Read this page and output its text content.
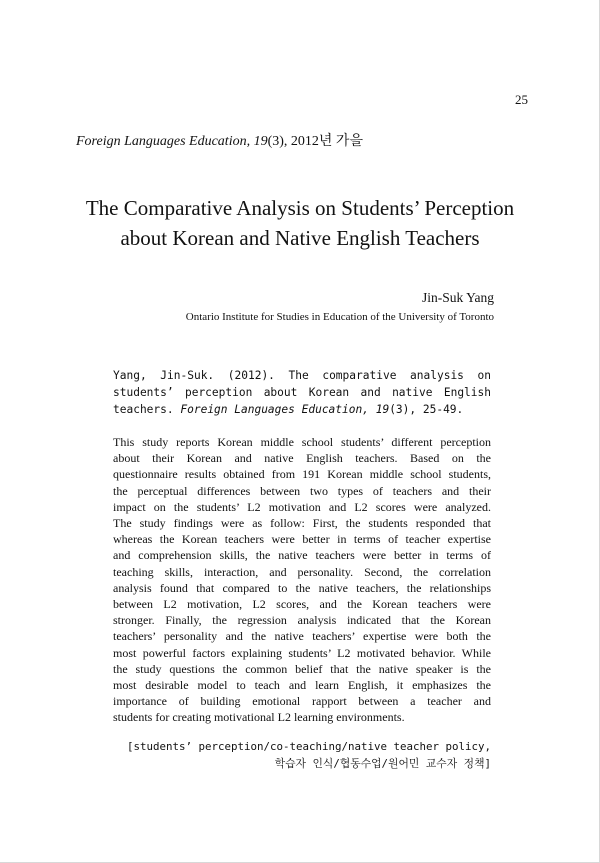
25
Foreign Languages Education, 19(3), 2012년 가을
The Comparative Analysis on Students’ Perception
about Korean and Native English Teachers
Jin-Suk Yang
Ontario Institute for Studies in Education of the University of Toronto
Yang, Jin-Suk. (2012). The comparative analysis on students’ perception about Korean and native English teachers. Foreign Languages Education, 19(3), 25-49.
This study reports Korean middle school students’ different perception
about their Korean and native English teachers. Based on the
questionnaire results obtained from 191 Korean middle school students,
the perceptual differences between two types of teachers and their
impact on the students’ L2 motivation and L2 scores were analyzed.
The study findings were as follow: First, the students responded that
whereas the Korean teachers were better in terms of teacher expertise
and comprehension skills, the native teachers were better in terms of
teaching skills, interaction, and personality. Second, the correlation
analysis found that compared to the native teachers, the relationships
between L2 motivation, L2 scores, and the Korean teachers were
stronger. Finally, the regression analysis indicated that the Korean
teachers’ personality and the native teachers’ expertise were both the
most powerful factors explaining students’ L2 motivated behavior. While
the study questions the common belief that the native speaker is the
most desirable model to teach and learn English, it emphasizes the
importance of building emotional rapport between a teacher and
students for creating motivational L2 learning environments.
[students’ perception/co-teaching/native teacher policy,
학습자 인식/협동수업/원어민 교수자 정책]
